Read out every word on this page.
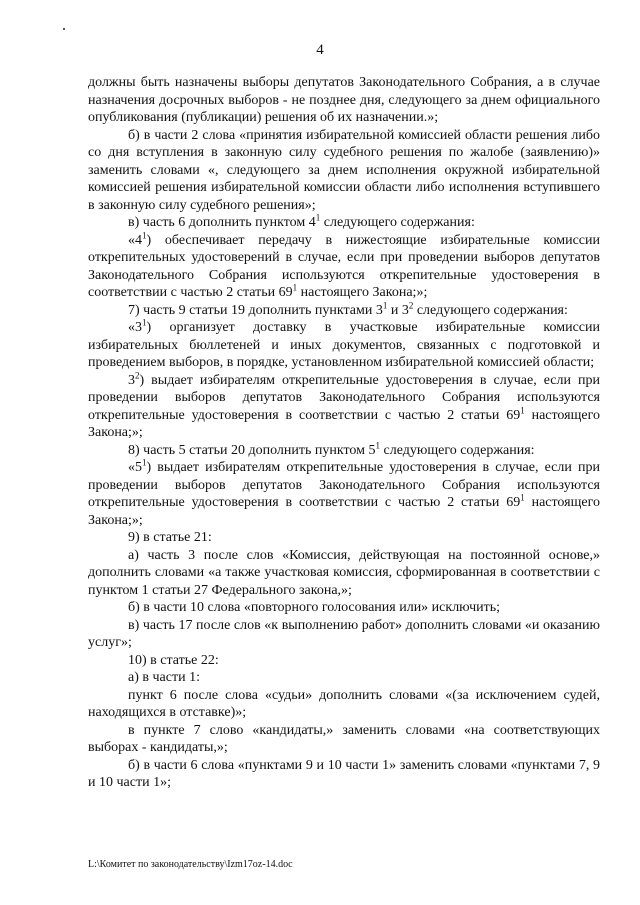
4

должны быть назначены выборы депутатов Законодательного Собрания, а в случае назначения досрочных выборов - не позднее дня, следующего за днем официального опубликования (публикации) решения об их назначении.»;

б) в части 2 слова «принятия избирательной комиссией области решения либо со дня вступления в законную силу судебного решения по жалобе (заявлению)» заменить словами «, следующего за днем исполнения окружной избирательной комиссией решения избирательной комиссии области либо исполнения вступившего в законную силу судебного решения»;

в) часть 6 дополнить пунктом $4^1$ следующего содержания:

«$4^1$) обеспечивает передачу в нижестоящие избирательные комиссии открепительных удостоверений в случае, если при проведении выборов депутатов Законодательного Собрания используются открепительные удостоверения в соответствии с частью 2 статьи $69^1$ настоящего Закона;»;

7) часть 9 статьи 19 дополнить пунктами $3^1$ и $3^2$ следующего содержания:

«$3^1$) организует доставку в участковые избирательные комиссии избирательных бюллетеней и иных документов, связанных с подготовкой и проведением выборов, в порядке, установленном избирательной комиссией области;

$3^2$) выдает избирателям открепительные удостоверения в случае, если при проведении выборов депутатов Законодательного Собрания используются открепительные удостоверения в соответствии с частью 2 статьи $69^1$ настоящего Закона;»;

8) часть 5 статьи 20 дополнить пунктом $5^1$ следующего содержания:

«$5^1$) выдает избирателям открепительные удостоверения в случае, если при проведении выборов депутатов Законодательного Собрания используются открепительные удостоверения в соответствии с частью 2 статьи $69^1$ настоящего Закона;»;

9) в статье 21:

а) часть 3 после слов «Комиссия, действующая на постоянной основе,» дополнить словами «а также участковая комиссия, сформированная в соответствии с пунктом 1 статьи 27 Федерального закона,»;

б) в части 10 слова «повторного голосования или» исключить;

в) часть 17 после слов «к выполнению работ» дополнить словами «и оказанию услуг»;

10) в статье 22:

а) в части 1:

пункт 6 после слова «судьи» дополнить словами «(за исключением судей, находящихся в отставке)»;

в пункте 7 слово «кандидаты,» заменить словами «на соответствующих выборах - кандидаты,»;

б) в части 6 слова «пунктами 9 и 10 части 1» заменить словами «пунктами 7, 9 и 10 части 1»;

L:\Комитет по законодательству\Izm17oz-14.doc
